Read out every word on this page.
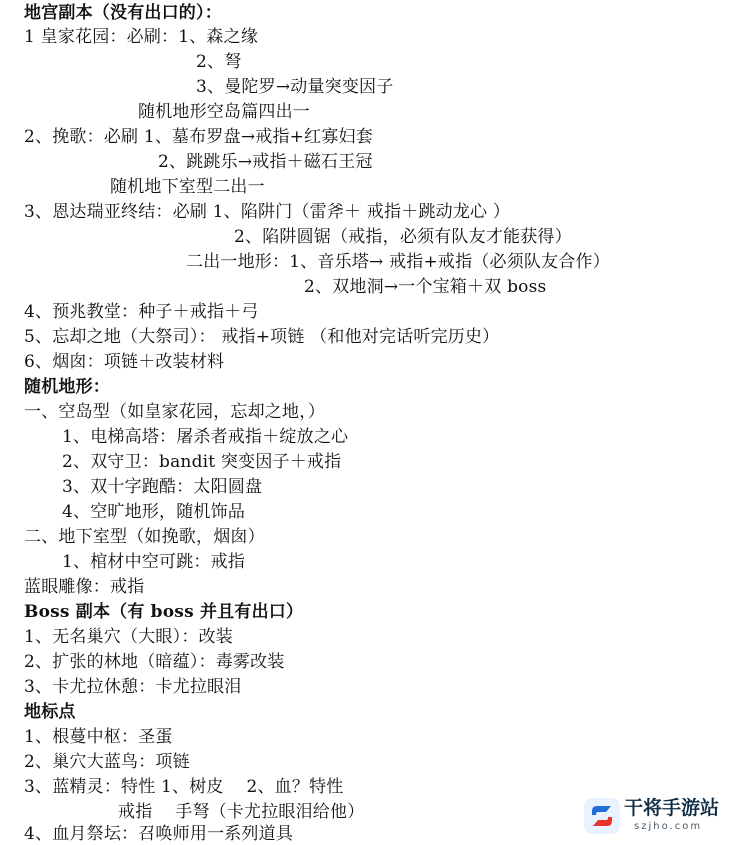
地宫副本（没有出口的）：
1 皇家花园：必刷：1、森之缘
2、弩
3、曼陀罗→动量突变因子
随机地形空岛篇四出一
2、挽歌：必刷 1、墓布罗盘→戒指+红寡妇套
2、跳跳乐→戒指＋磁石王冠
随机地下室型二出一
3、恩达瑞亚终结：必刷 1、陷阱门（雷斧＋ 戒指＋跳动龙心 ）
2、陷阱圆锯（戒指，必须有队友才能获得）
二出一地形：1、音乐塔→ 戒指+戒指（必须队友合作）
2、双地洞→一个宝箱＋双 boss
4、预兆教堂：种子＋戒指＋弓
5、忘却之地（大祭司）： 戒指+项链 （和他对完话听完历史）
6、烟囱：项链＋改装材料
随机地形：
一、空岛型（如皇家花园，忘却之地，）
1、电梯高塔：屠杀者戒指＋绽放之心
2、双守卫：bandit 突变因子＋戒指
3、双十字跑酷：太阳圆盘
4、空旷地形，随机饰品
二、地下室型（如挽歌，烟囱）
1、棺材中空可跳：戒指
蓝眼雕像：戒指
Boss 副本（有 boss 并且有出口）
1、无名巢穴（大眼）：改装
2、扩张的林地（暗蕴）：毒雾改装
3、卡尤拉休憩：卡尤拉眼泪
地标点
1、根蔓中枢：圣蛋
2、巢穴大蓝鸟：项链
3、蓝精灵：特性 1、树皮　 2、血？特性
戒指　 手弩（卡尤拉眼泪给他）
4、血月祭坛：召唤师用一系列道具
干将手游站
szjho.com
